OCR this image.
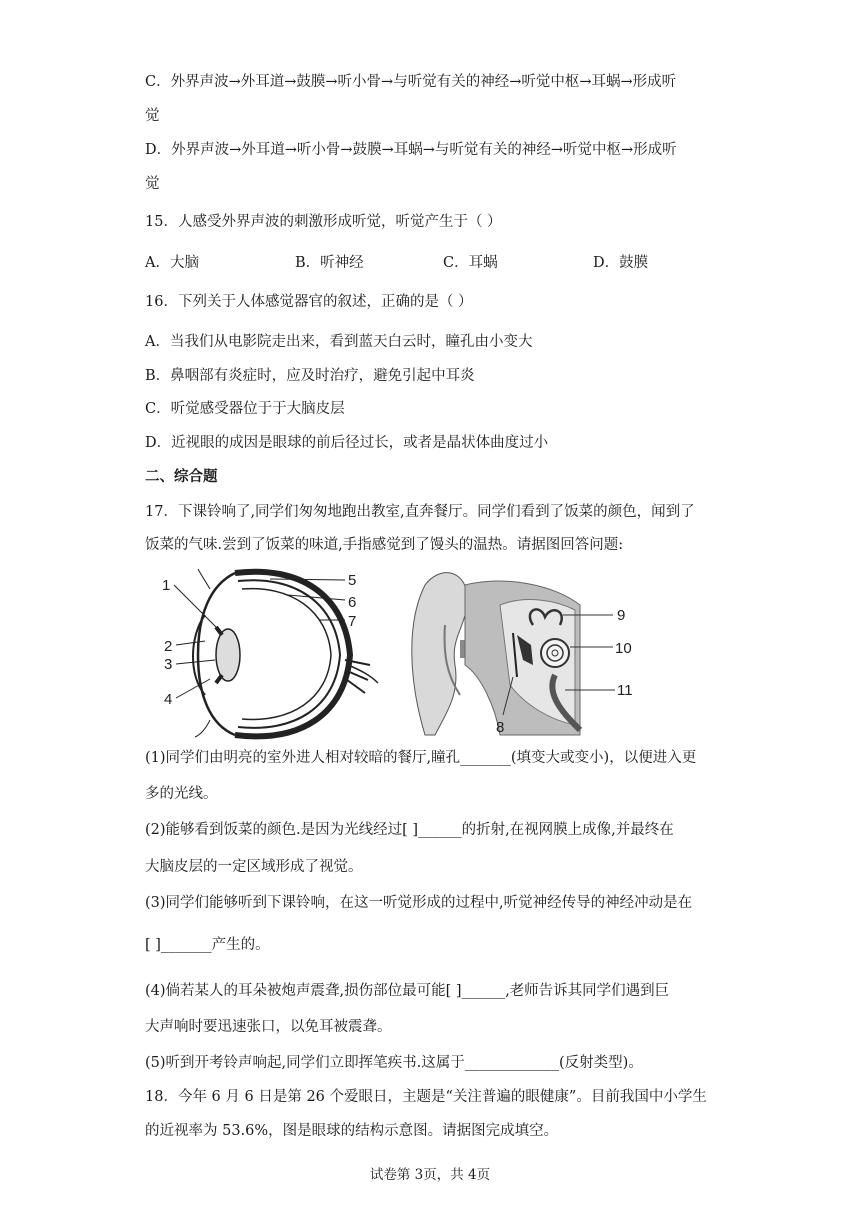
C．外界声波→外耳道→鼓膜→听小骨→与听觉有关的神经→听觉中枢→耳蜗→形成听
觉
D．外界声波→外耳道→听小骨→鼓膜→耳蜗→与听觉有关的神经→听觉中枢→形成听
觉
15．人感受外界声波的刺激形成听觉，听觉产生于（ ）
A．大脑	B．听神经	C．耳蜗	D．鼓膜
16．下列关于人体感觉器官的叙述，正确的是（ ）
A．当我们从电影院走出来，看到蓝天白云时，瞳孔由小变大
B．鼻咽部有炎症时，应及时治疗，避免引起中耳炎
C．听觉感受器位于于大脑皮层
D．近视眼的成因是眼球的前后径过长，或者是晶状体曲度过小
二、综合题
17．下课铃响了,同学们匆匆地跑出教室,直奔餐厅。同学们看到了饭菜的颜色，闻到了
饭菜的气味.尝到了饭菜的味道,手指感觉到了馒头的温热。请据图回答问题:
1
2
3
4
5
6
7
8
9
10
11
(1)同学们由明亮的室外进人相对较暗的餐厅,瞳孔_______(填变大或变小)，以便进入更
多的光线。
(2)能够看到饭菜的颜色.是因为光线经过[ ]______的折射,在视网膜上成像,并最终在
大脑皮层的一定区域形成了视觉。
(3)同学们能够听到下课铃响，在这一听觉形成的过程中,听觉神经传导的神经冲动是在
[ ]_______产生的。
(4)倘若某人的耳朵被炮声震聋,损伤部位最可能[ ]______,老师告诉其同学们遇到巨
大声响时要迅速张口，以免耳被震聋。
(5)听到开考铃声响起,同学们立即挥笔疾书.这属于_____________(反射类型)。
18．今年 6 月 6 日是第 26 个爱眼日，主题是“关注普遍的眼健康”。目前我国中小学生
的近视率为 53.6%，图是眼球的结构示意图。请据图完成填空。
试卷第 3页，共 4页
